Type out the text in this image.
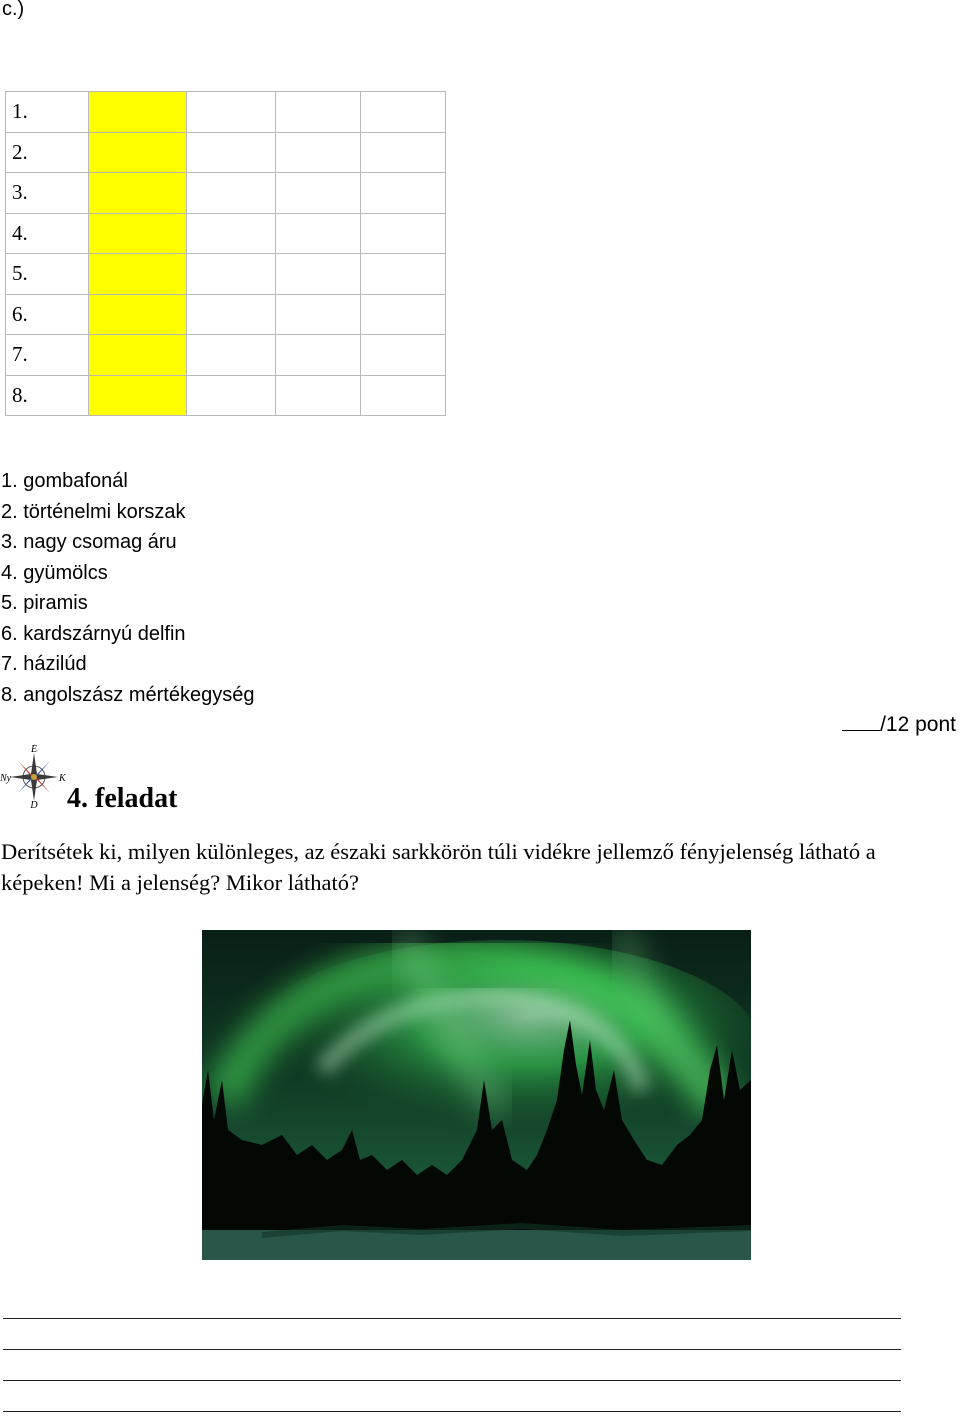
c.)
1.				
2.				
3.				
4.				
5.				
6.				
7.				
8.				
1. gombafonál
2. történelmi korszak
3. nagy csomag áru
4. gyümölcs
5. piramis
6. kardszárnyú delfin
7. házilúd
8. angolszász mértékegység
/12 pont
É
Ny	K
D 4. feladat
Derítsétek ki, milyen különleges, az északi sarkkörön túli vidékre jellemző fényjelenség látható a képeken! Mi a jelenség? Mikor látható?
